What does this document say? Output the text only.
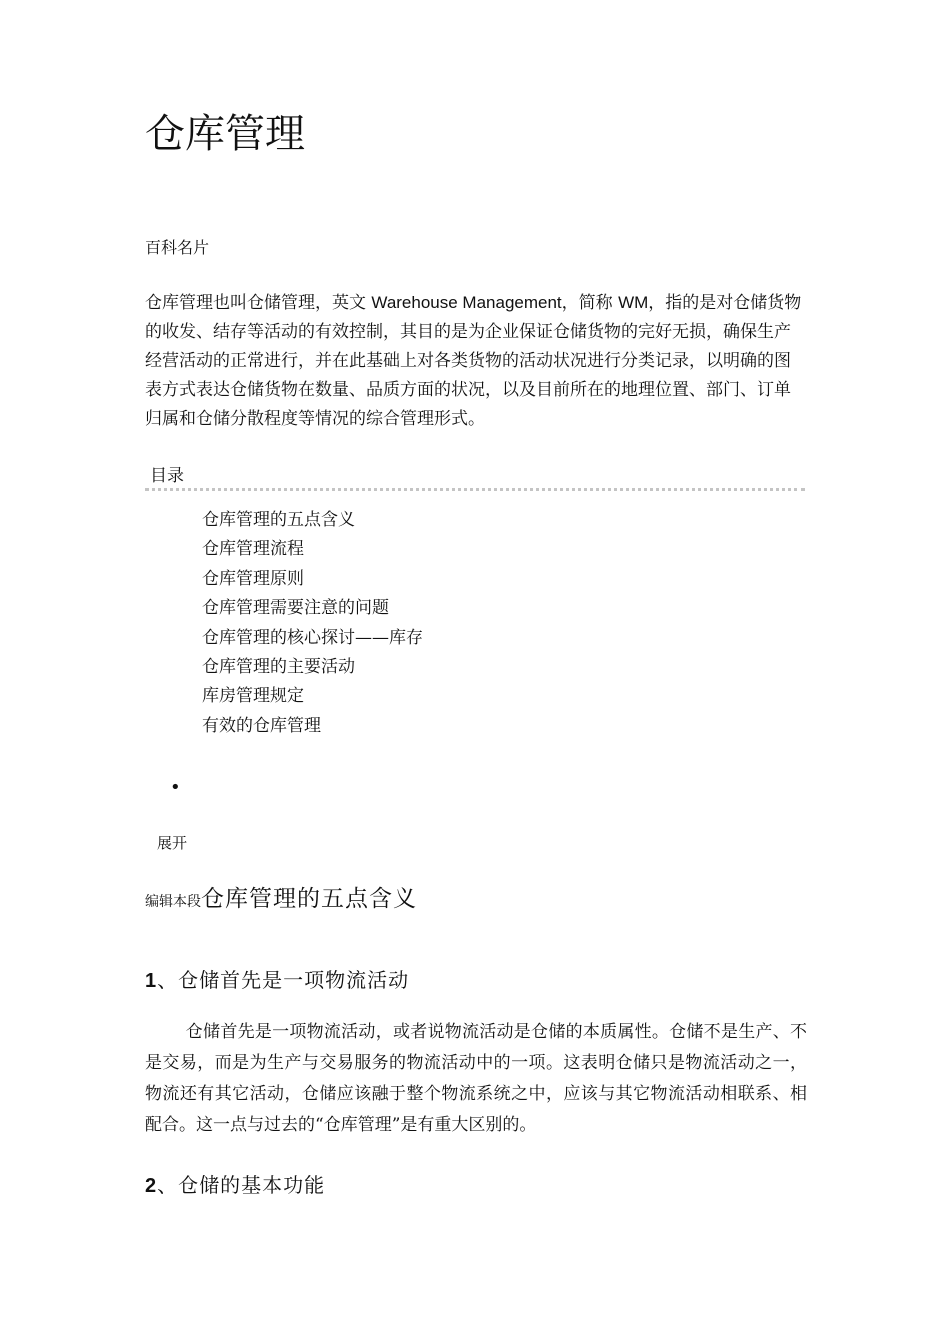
仓库管理
百科名片
仓库管理也叫仓储管理，英文 Warehouse Management，简称 WM，指的是对仓储货物的收发、结存等活动的有效控制，其目的是为企业保证仓储货物的完好无损，确保生产经营活动的正常进行，并在此基础上对各类货物的活动状况进行分类记录，以明确的图表方式表达仓储货物在数量、品质方面的状况，以及目前所在的地理位置、部门、订单归属和仓储分散程度等情况的综合管理形式。
目录
仓库管理的五点含义
仓库管理流程
仓库管理原则
仓库管理需要注意的问题
仓库管理的核心探讨——库存
仓库管理的主要活动
库房管理规定
有效的仓库管理
•
展开
编辑本段仓库管理的五点含义
1、仓储首先是一项物流活动
仓储首先是一项物流活动，或者说物流活动是仓储的本质属性。仓储不是生产、不是交易，而是为生产与交易服务的物流活动中的一项。这表明仓储只是物流活动之一，物流还有其它活动，仓储应该融于整个物流系统之中，应该与其它物流活动相联系、相配合。这一点与过去的“仓库管理”是有重大区别的。
2、仓储的基本功能
